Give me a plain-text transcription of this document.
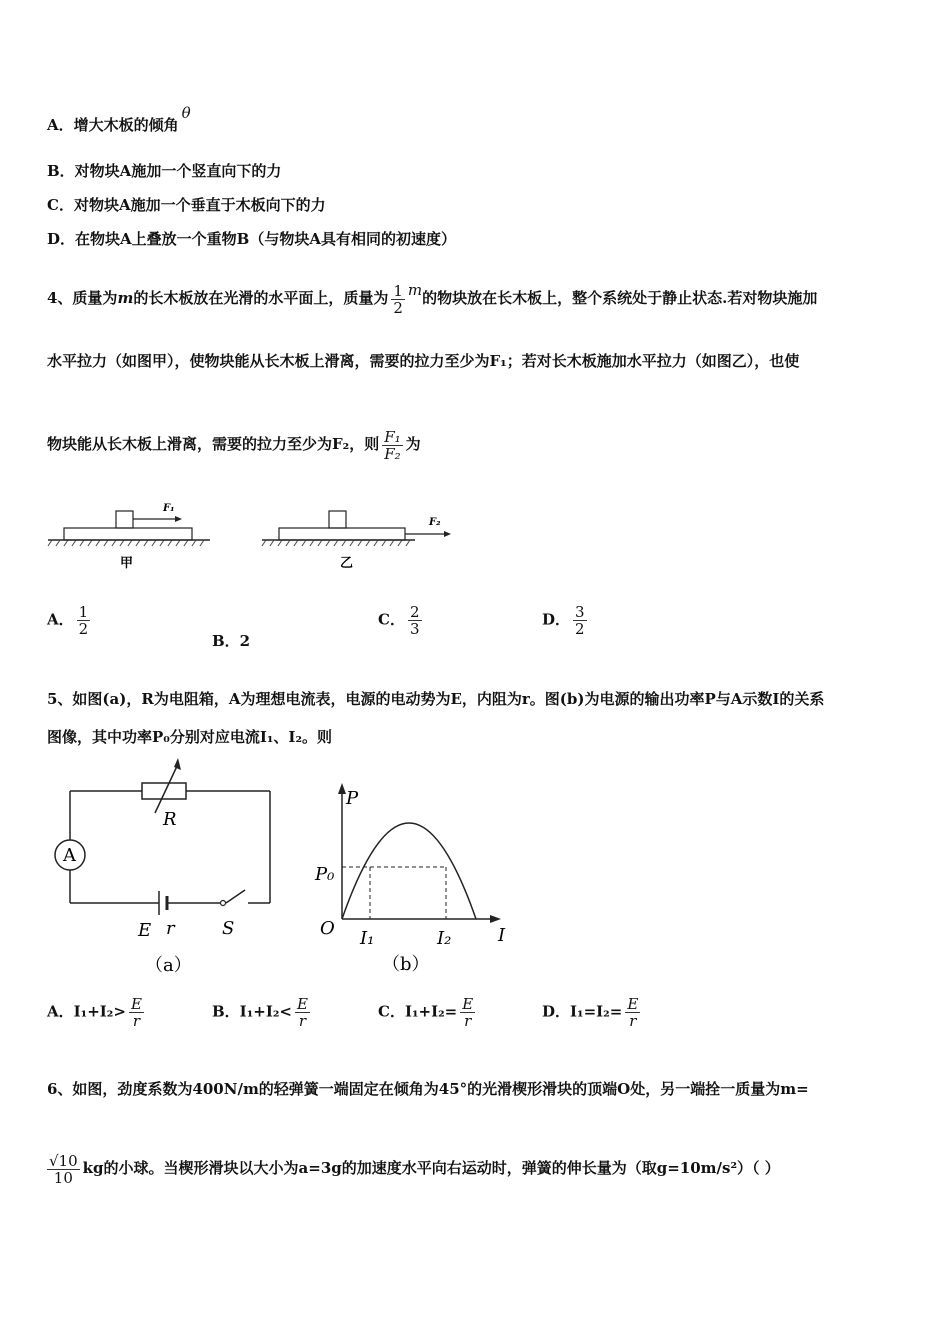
A．增大木板的倾角θ
B．对物块A施加一个竖直向下的力
C．对物块A施加一个垂直于木板向下的力
D．在物块A上叠放一个重物B（与物块A具有相同的初速度）
4、质量为m的长木板放在光滑的水平面上，质量为 $\frac{1}{2}$ m的物块放在长木板上，整个系统处于静止状态.若对物块施加
水平拉力（如图甲），使物块能从长木板上滑离，需要的拉力至少为F₁；若对长木板施加水平拉力（如图乙），也使
物块能从长木板上滑离，需要的拉力至少为F₂，则 $\frac{\text{F₁}}{\text{F₂}}$ 为
F₁
甲
F₂
乙
A． $\frac{1}{2}$
B．2
C． $\frac{2}{3}$	D． $\frac{3}{2}$
5、如图(a)，R为电阻箱，A为理想电流表，电源的电动势为E，内阻为r。图(b)为电源的输出功率P与A示数I的关系
图像，其中功率P₀分别对应电流I₁、I₂。则
R
A
E r	S
（a）
P
P₀
O I₁	I₂	I
（b）
A．$I_1+I_2> \frac{E}{r}$	B．$I_1+I_2< \frac{E}{r}$	C．$I_1+I_2= \frac{E}{r}$	D．$I_1=I_2= \frac{E}{r}$
6、如图，劲度系数为400N/m的轻弹簧一端固定在倾角为45°的光滑楔形滑块的顶端O处，另一端拴一质量为m=
$\frac{√10}{10}$ kg的小球。当楔形滑块以大小为a=3g的加速度水平向右运动时，弹簧的伸长量为（取g=10m/s²）（ ）
